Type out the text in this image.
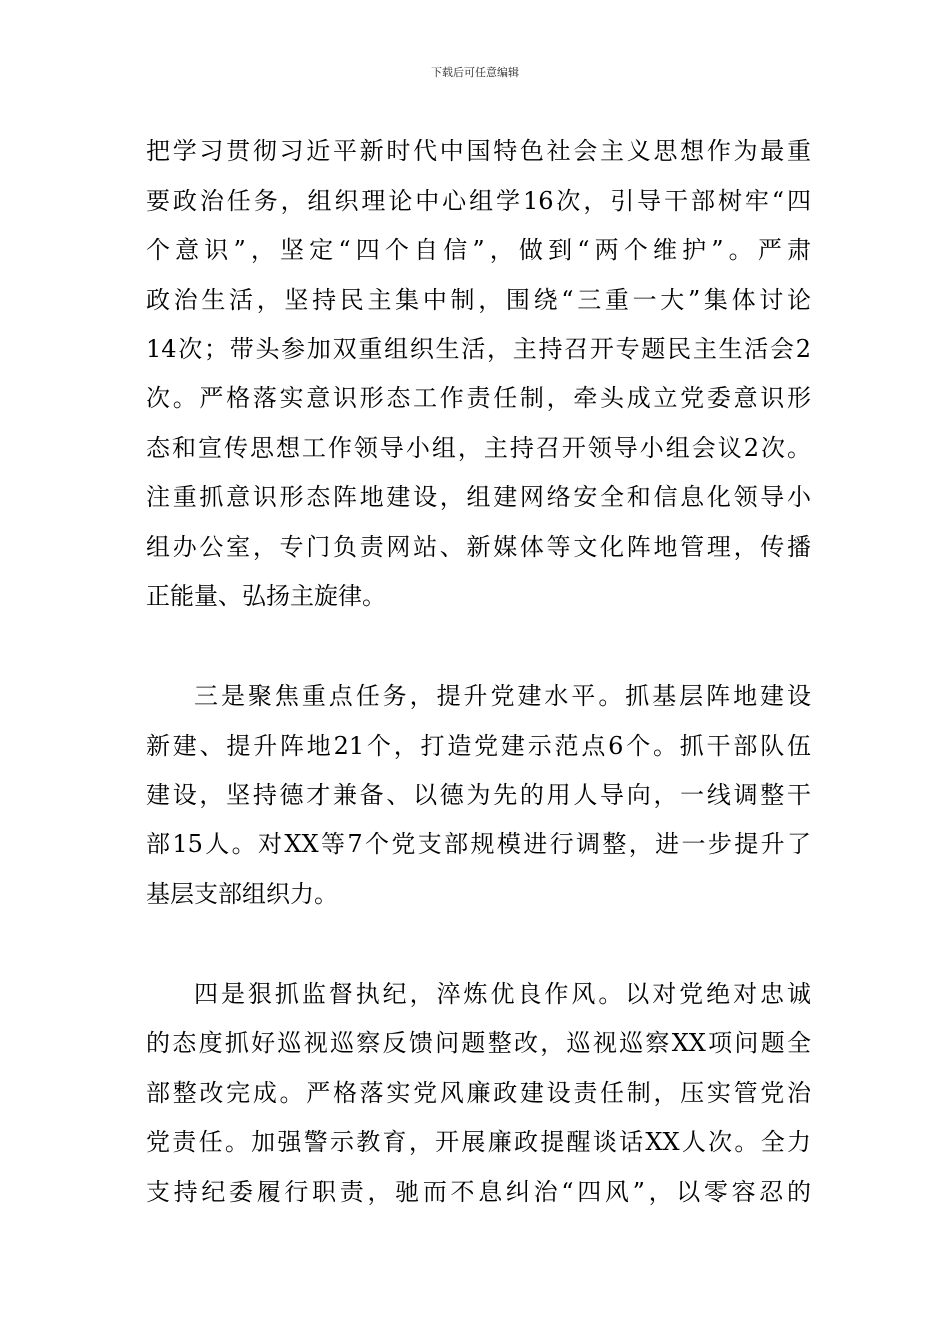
下载后可任意编辑
把学习贯彻习近平新时代中国特色社会主义思想作为最重
要政治任务，组织理论中心组学16次，引导干部树牢“四
个意识”，坚定“四个自信”，做到“两个维护”。严肃
政治生活，坚持民主集中制，围绕“三重一大”集体讨论
14次；带头参加双重组织生活，主持召开专题民主生活会2
次。严格落实意识形态工作责任制，牵头成立党委意识形
态和宣传思想工作领导小组，主持召开领导小组会议2次。
注重抓意识形态阵地建设，组建网络安全和信息化领导小
组办公室，专门负责网站、新媒体等文化阵地管理，传播
正能量、弘扬主旋律。
三是聚焦重点任务，提升党建水平。抓基层阵地建设
新建、提升阵地21个，打造党建示范点6个。抓干部队伍
建设，坚持德才兼备、以德为先的用人导向，一线调整干
部15人。对XX等7个党支部规模进行调整，进一步提升了
基层支部组织力。
四是狠抓监督执纪，淬炼优良作风。以对党绝对忠诚
的态度抓好巡视巡察反馈问题整改，巡视巡察XX项问题全
部整改完成。严格落实党风廉政建设责任制，压实管党治
党责任。加强警示教育，开展廉政提醒谈话XX人次。全力
支持纪委履行职责，驰而不息纠治“四风”，以零容忍的
